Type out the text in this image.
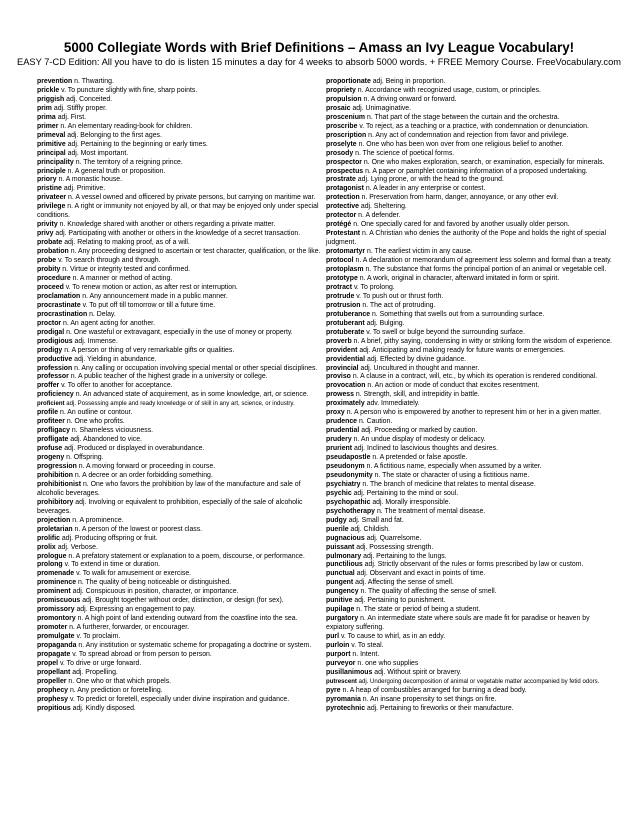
5000 Collegiate Words with Brief Definitions – Amass an Ivy League Vocabulary!
EASY 7-CD Edition: All you have to do is listen 15 minutes a day for 4 weeks to absorb 5000 words. + FREE Memory Course. FreeVocabulary.com

prevention n. Thwarting.

prickle v. To puncture slightly with fine, sharp points.

priggish adj. Conceited.

prim adj. Stiffly proper.

prima adj. First.

primer n. An elementary reading-book for children.

primeval adj. Belonging to the first ages.

primitive adj. Pertaining to the beginning or early times.

principal adj. Most important.

principality n. The territory of a reigning prince.

principle n. A general truth or proposition.

priory n. A monastic house.

pristine adj. Primitive.

privateer n. A vessel owned and officered by private persons, but carrying on maritime war.

privilege n. A right or immunity not enjoyed by all, or that may be enjoyed only under special conditions.

privity n. Knowledge shared with another or others regarding a private matter.

privy adj. Participating with another or others in the knowledge of a secret transaction.

probate adj. Relating to making proof, as of a will.

probation n. Any proceeding designed to ascertain or test character, qualification, or the like.

probe v. To search through and through.

probity n. Virtue or integrity tested and confirmed.

procedure n. A manner or method of acting.

proceed v. To renew motion or action, as after rest or interruption.

proclamation n. Any announcement made in a public manner.

procrastinate v. To put off till tomorrow or till a future time.

procrastination n. Delay.

proctor n. An agent acting for another.

prodigal n. One wasteful or extravagant, especially in the use of money or property.

prodigious adj. Immense.

prodigy n. A person or thing of very remarkable gifts or qualities.

productive adj. Yielding in abundance.

profession n. Any calling or occupation involving special mental or other special disciplines.

professor n. A public teacher of the highest grade in a university or college.

proffer v. To offer to another for acceptance.

proficiency n. An advanced state of acquirement, as in some knowledge, art, or science.

proficient adj. Possessing ample and ready knowledge or of skill in any art, science, or industry.

profile n. An outline or contour.

profiteer n. One who profits.

profligacy n. Shameless viciousness.

profligate adj. Abandoned to vice.

profuse adj. Produced or displayed in overabundance.

progeny n. Offspring.

progression n. A moving forward or proceeding in course.

prohibition n. A decree or an order forbidding something.

prohibitionist n. One who favors the prohibition by law of the manufacture and sale of alcoholic beverages.

prohibitory adj. Involving or equivalent to prohibition, especially of the sale of alcoholic beverages.

projection n. A prominence.

proletarian n. A person of the lowest or poorest class.

prolific adj. Producing offspring or fruit.

prolix adj. Verbose.

prologue n. A prefatory statement or explanation to a poem, discourse, or performance.

prolong v. To extend in time or duration.

promenade v. To walk for amusement or exercise.

prominence n. The quality of being noticeable or distinguished.

prominent adj. Conspicuous in position, character, or importance.

promiscuous adj. Brought together without order, distinction, or design (for sex).

promissory adj. Expressing an engagement to pay.

promontory n. A high point of land extending outward from the coastline into the sea.

promoter n. A furtherer, forwarder, or encourager.

promulgate v. To proclaim.

propaganda n. Any institution or systematic scheme for propagating a doctrine or system.

propagate v. To spread abroad or from person to person.

propel v. To drive or urge forward.

propellant adj. Propelling.

propeller n. One who or that which propels.

prophecy n. Any prediction or foretelling.

prophesy v. To predict or foretell, especially under divine inspiration and guidance.

propitious adj. Kindly disposed.

proportionate adj. Being in proportion.

propriety n. Accordance with recognized usage, custom, or principles.

propulsion n. A driving onward or forward.

prosaic adj. Unimaginative.

proscenium n. That part of the stage between the curtain and the orchestra.

proscribe v. To reject, as a teaching or a practice, with condemnation or denunciation.

proscription n. Any act of condemnation and rejection from favor and privilege.

proselyte n. One who has been won over from one religious belief to another.

prosody n. The science of poetical forms.

prospector n. One who makes exploration, search, or examination, especially for minerals.

prospectus n. A paper or pamphlet containing information of a proposed undertaking.

prostrate adj. Lying prone, or with the head to the ground.

protagonist n. A leader in any enterprise or contest.

protection n. Preservation from harm, danger, annoyance, or any other evil.

protective adj. Sheltering.

protector n. A defender.

protégé n. One specially cared for and favored by another usually older person.

Protestant n. A Christian who denies the authority of the Pope and holds the right of special judgment.

protomartyr n. The earliest victim in any cause.

protocol n. A declaration or memorandum of agreement less solemn and formal than a treaty.

protoplasm n. The substance that forms the principal portion of an animal or vegetable cell.

prototype n. A work, original in character, afterward imitated in form or spirit.

protract v. To prolong.

protrude v. To push out or thrust forth.

protrusion n. The act of protruding.

protuberance n. Something that swells out from a surrounding surface.

protuberant adj. Bulging.

protuberate v. To swell or bulge beyond the surrounding surface.

proverb n. A brief, pithy saying, condensing in witty or striking form the wisdom of experience.

provident adj. Anticipating and making ready for future wants or emergencies.

providential adj. Effected by divine guidance.

provincial adj. Uncultured in thought and manner.

proviso n. A clause in a contract, will, etc., by which its operation is rendered conditional.

provocation n. An action or mode of conduct that excites resentment.

prowess n. Strength, skill, and intrepidity in battle.

proximately adv. Immediately.

proxy n. A person who is empowered by another to represent him or her in a given matter.

prudence n. Caution.

prudential adj. Proceeding or marked by caution.

prudery n. An undue display of modesty or delicacy.

prurient adj. Inclined to lascivious thoughts and desires.

pseudapostle n. A pretended or false apostle.

pseudonym n. A fictitious name, especially when assumed by a writer.

pseudonymity n. The state or character of using a fictitious name.

psychiatry n. The branch of medicine that relates to mental disease.

psychic adj. Pertaining to the mind or soul.

psychopathic adj. Morally irresponsible.

psychotherapy n. The treatment of mental disease.

pudgy adj. Small and fat.

puerile adj. Childish.

pugnacious adj. Quarrelsome.

puissant adj. Possessing strength.

pulmonary adj. Pertaining to the lungs.

punctilious adj. Strictly observant of the rules or forms prescribed by law or custom.

punctual adj. Observant and exact in points of time.

pungent adj. Affecting the sense of smell.

pungency n. The quality of affecting the sense of smell.

punitive adj. Pertaining to punishment.

pupilage n. The state or period of being a student.

purgatory n. An intermediate state where souls are made fit for paradise or heaven by expiatory suffering.

purl v. To cause to whirl, as in an eddy.

purloin v. To steal.

purport n. Intent.

purveyor n. one who supplies

pusillanimous adj. Without spirit or bravery.

putrescent adj. Undergoing decomposition of animal or vegetable matter accompanied by fetid odors.

pyre n. A heap of combustibles arranged for burning a dead body.

pyromania n. An insane propensity to set things on fire.

pyrotechnic adj. Pertaining to fireworks or their manufacture.
